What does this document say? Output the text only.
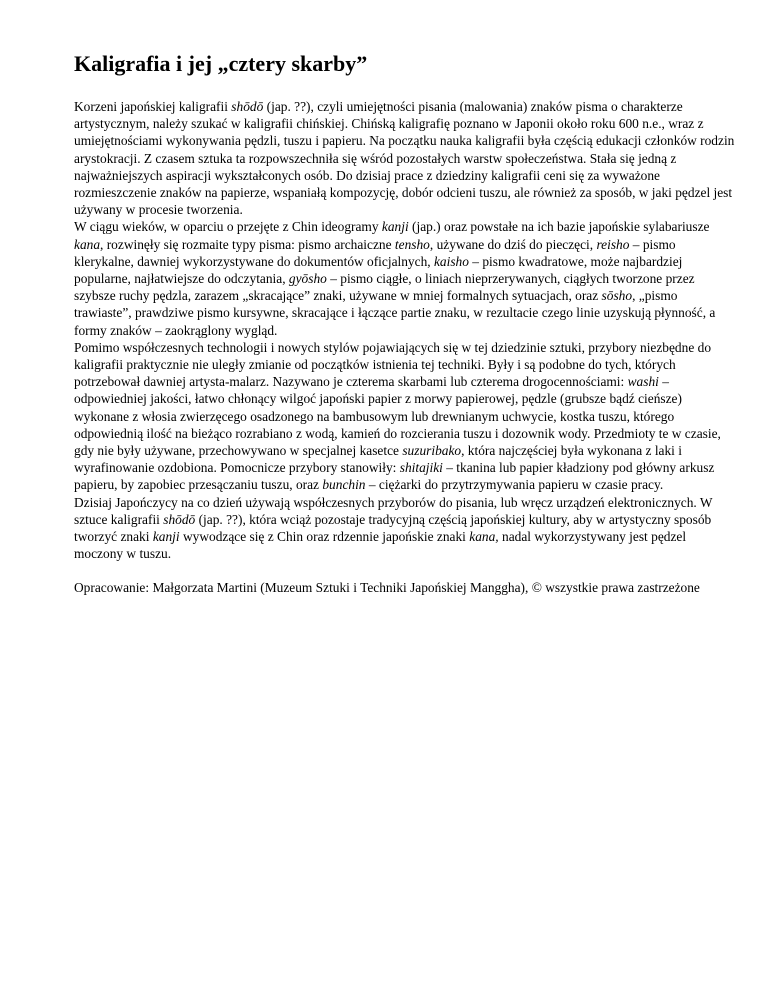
Kaligrafia i jej „cztery skarby”

Korzeni japońskiej kaligrafii shōdō (jap. ??), czyli umiejętności pisania (malowania) znaków pisma o charakterze artystycznym, należy szukać w kaligrafii chińskiej. Chińską kaligrafię poznano w Japonii około roku 600 n.e., wraz z umiejętnościami wykonywania pędzli, tuszu i papieru. Na początku nauka kaligrafii była częścią edukacji członków rodzin arystokracji. Z czasem sztuka ta rozpowszechniła się wśród pozostałych warstw społeczeństwa. Stała się jedną z najważniejszych aspiracji wykształconych osób. Do dzisiaj prace z dziedziny kaligrafii ceni się za wyważone rozmieszczenie znaków na papierze, wspaniałą kompozycję, dobór odcieni tuszu, ale również za sposób, w jaki pędzel jest używany w procesie tworzenia.

W ciągu wieków, w oparciu o przejęte z Chin ideogramy kanji (jap.) oraz powstałe na ich bazie japońskie sylabariusze kana, rozwinęły się rozmaite typy pisma: pismo archaiczne tensho, używane do dziś do pieczęci, reisho – pismo klerykalne, dawniej wykorzystywane do dokumentów oficjalnych, kaisho – pismo kwadratowe, może najbardziej popularne, najłatwiejsze do odczytania, gyōsho – pismo ciągłe, o liniach nieprzerywanych, ciągłych tworzone przez szybsze ruchy pędzla, zarazem „skracające” znaki, używane w mniej formalnych sytuacjach, oraz sōsho, „pismo trawiaste”, prawdziwe pismo kursywne, skracające i łączące partie znaku, w rezultacie czego linie uzyskują płynność, a formy znaków – zaokrąglony wygląd.

Pomimo współczesnych technologii i nowych stylów pojawiających się w tej dziedzinie sztuki, przybory niezbędne do kaligrafii praktycznie nie uległy zmianie od początków istnienia tej techniki. Były i są podobne do tych, których potrzebował dawniej artysta-malarz. Nazywano je czterema skarbami lub czterema drogocennościami: washi – odpowiedniej jakości, łatwo chłonący wilgoć japoński papier z morwy papierowej, pędzle (grubsze bądź cieńsze) wykonane z włosia zwierzęcego osadzonego na bambusowym lub drewnianym uchwycie, kostka tuszu, którego odpowiednią ilość na bieżąco rozrabiano z wodą, kamień do rozcierania tuszu i dozownik wody. Przedmioty te w czasie, gdy nie były używane, przechowywano w specjalnej kasetce suzuribako, która najczęściej była wykonana z laki i wyrafinowanie ozdobiona. Pomocnicze przybory stanowiły: shitajiki – tkanina lub papier kładziony pod główny arkusz papieru, by zapobiec przesączaniu tuszu, oraz bunchin – ciężarki do przytrzymywania papieru w czasie pracy.

Dzisiaj Japończycy na co dzień używają współczesnych przyborów do pisania, lub wręcz urządzeń elektronicznych. W sztuce kaligrafii shōdō (jap. ??), która wciąż pozostaje tradycyjną częścią japońskiej kultury, aby w artystyczny sposób tworzyć znaki kanji wywodzące się z Chin oraz rdzennie japońskie znaki kana, nadal wykorzystywany jest pędzel moczony w tuszu.

Opracowanie: Małgorzata Martini (Muzeum Sztuki i Techniki Japońskiej Manggha), © wszystkie prawa zastrzeżone
